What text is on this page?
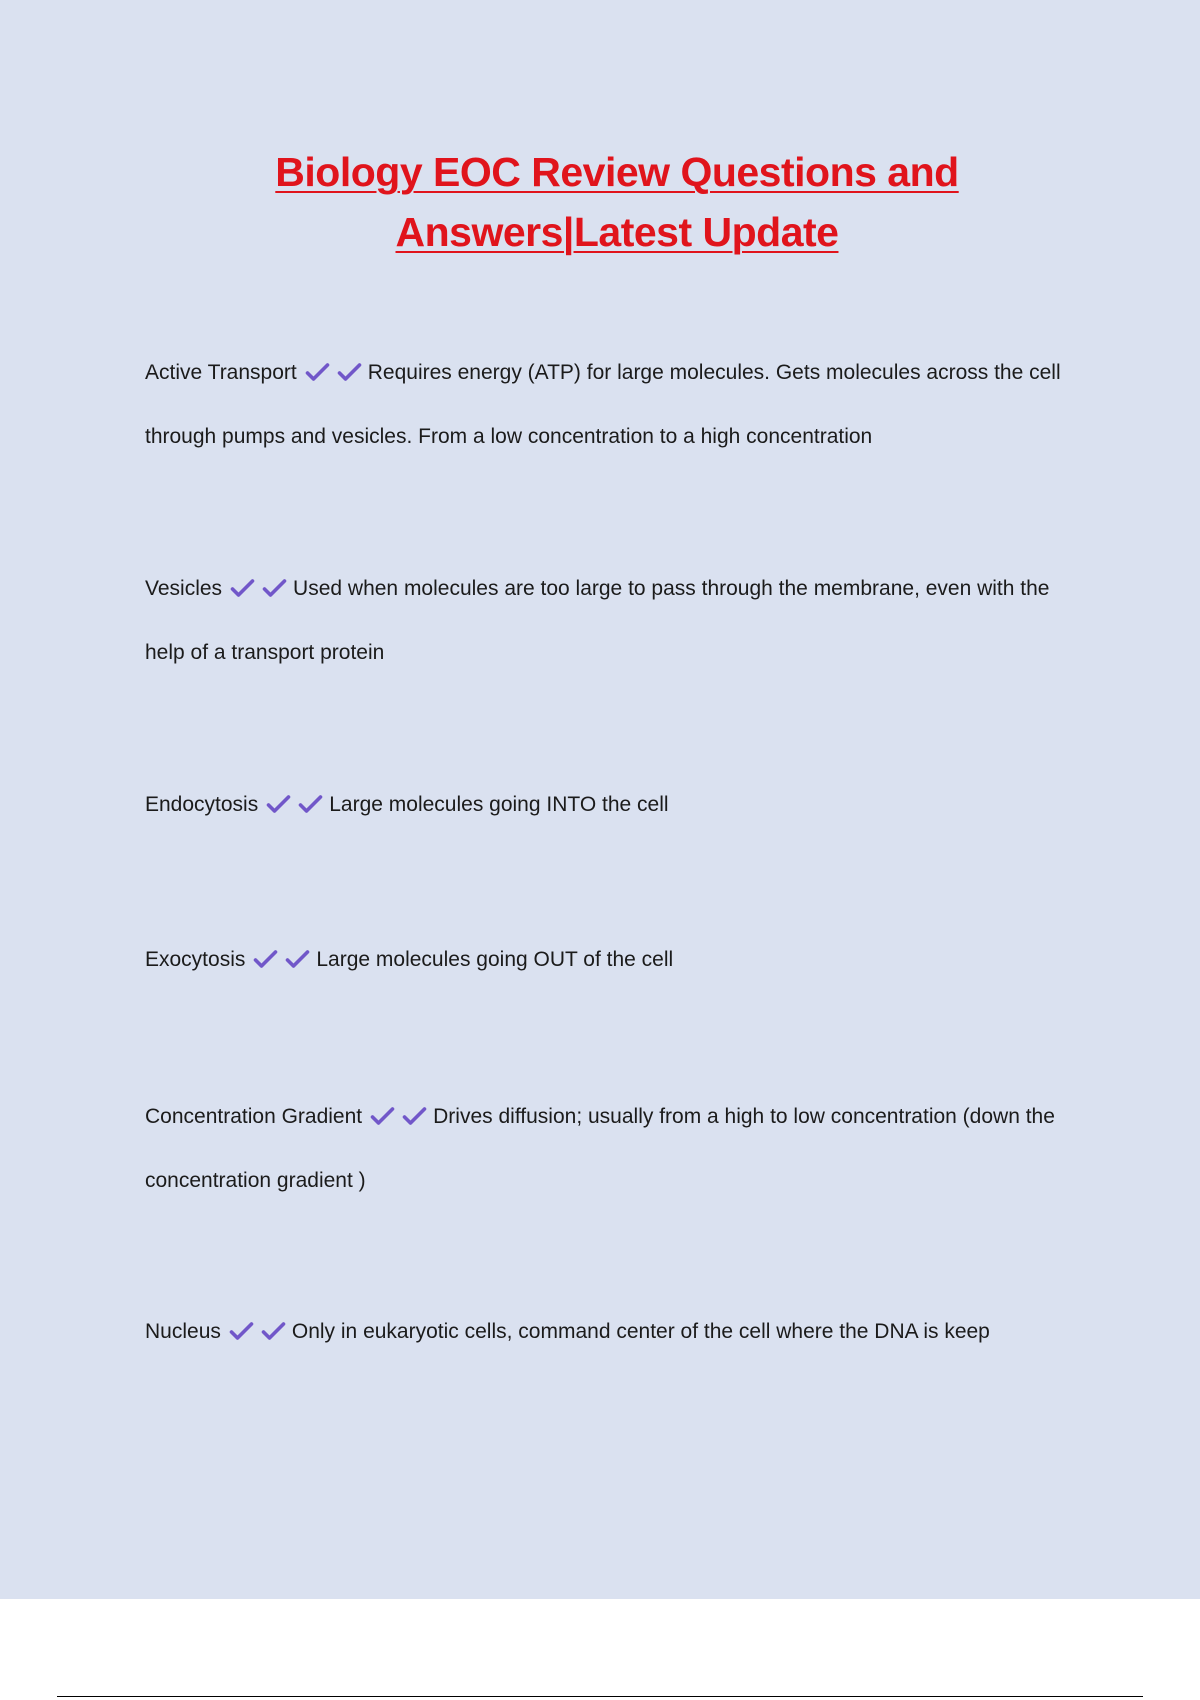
Biology EOC Review Questions and
Answers|Latest Update

Active Transport	Requires energy (ATP) for large molecules. Gets molecules across the cell through pumps and vesicles. From a low concentration to a high concentration

Vesicles	Used when molecules are too large to pass through the membrane, even with the help of a transport protein

Endocytosis	Large molecules going INTO the cell

Exocytosis	Large molecules going OUT of the cell

Concentration Gradient	Drives diffusion; usually from a high to low concentration (down the concentration gradient )

Nucleus	Only in eukaryotic cells, command center of the cell where the DNA is keep
